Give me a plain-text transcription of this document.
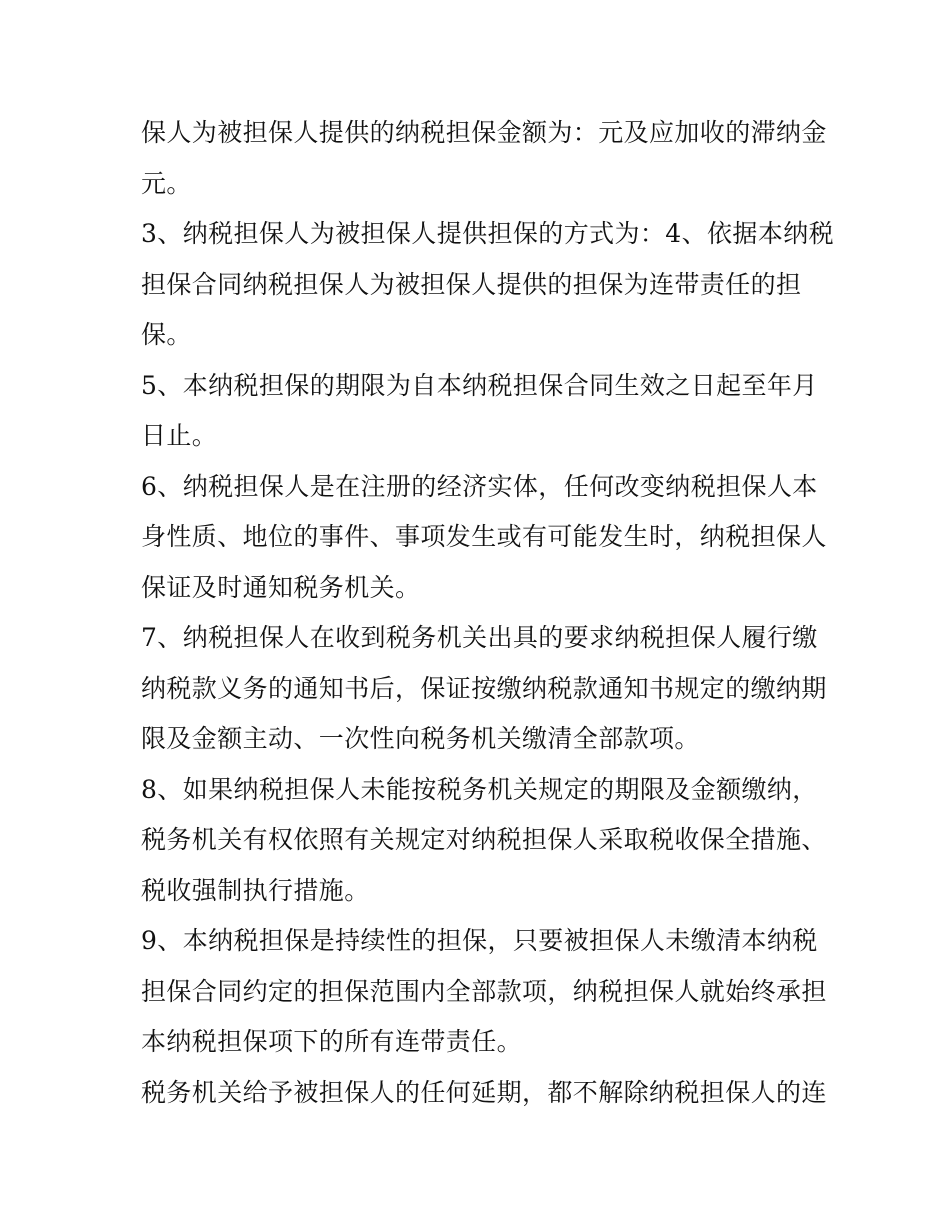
保人为被担保人提供的纳税担保金额为：元及应加收的滞纳金
元。
3、纳税担保人为被担保人提供担保的方式为：4、依据本纳税
担保合同纳税担保人为被担保人提供的担保为连带责任的担
保。
5、本纳税担保的期限为自本纳税担保合同生效之日起至年月
日止。
6、纳税担保人是在注册的经济实体，任何改变纳税担保人本
身性质、地位的事件、事项发生或有可能发生时，纳税担保人
保证及时通知税务机关。
7、纳税担保人在收到税务机关出具的要求纳税担保人履行缴
纳税款义务的通知书后，保证按缴纳税款通知书规定的缴纳期
限及金额主动、一次性向税务机关缴清全部款项。
8、如果纳税担保人未能按税务机关规定的期限及金额缴纳，
税务机关有权依照有关规定对纳税担保人采取税收保全措施、
税收强制执行措施。
9、本纳税担保是持续性的担保，只要被担保人未缴清本纳税
担保合同约定的担保范围内全部款项，纳税担保人就始终承担
本纳税担保项下的所有连带责任。
税务机关给予被担保人的任何延期，都不解除纳税担保人的连
